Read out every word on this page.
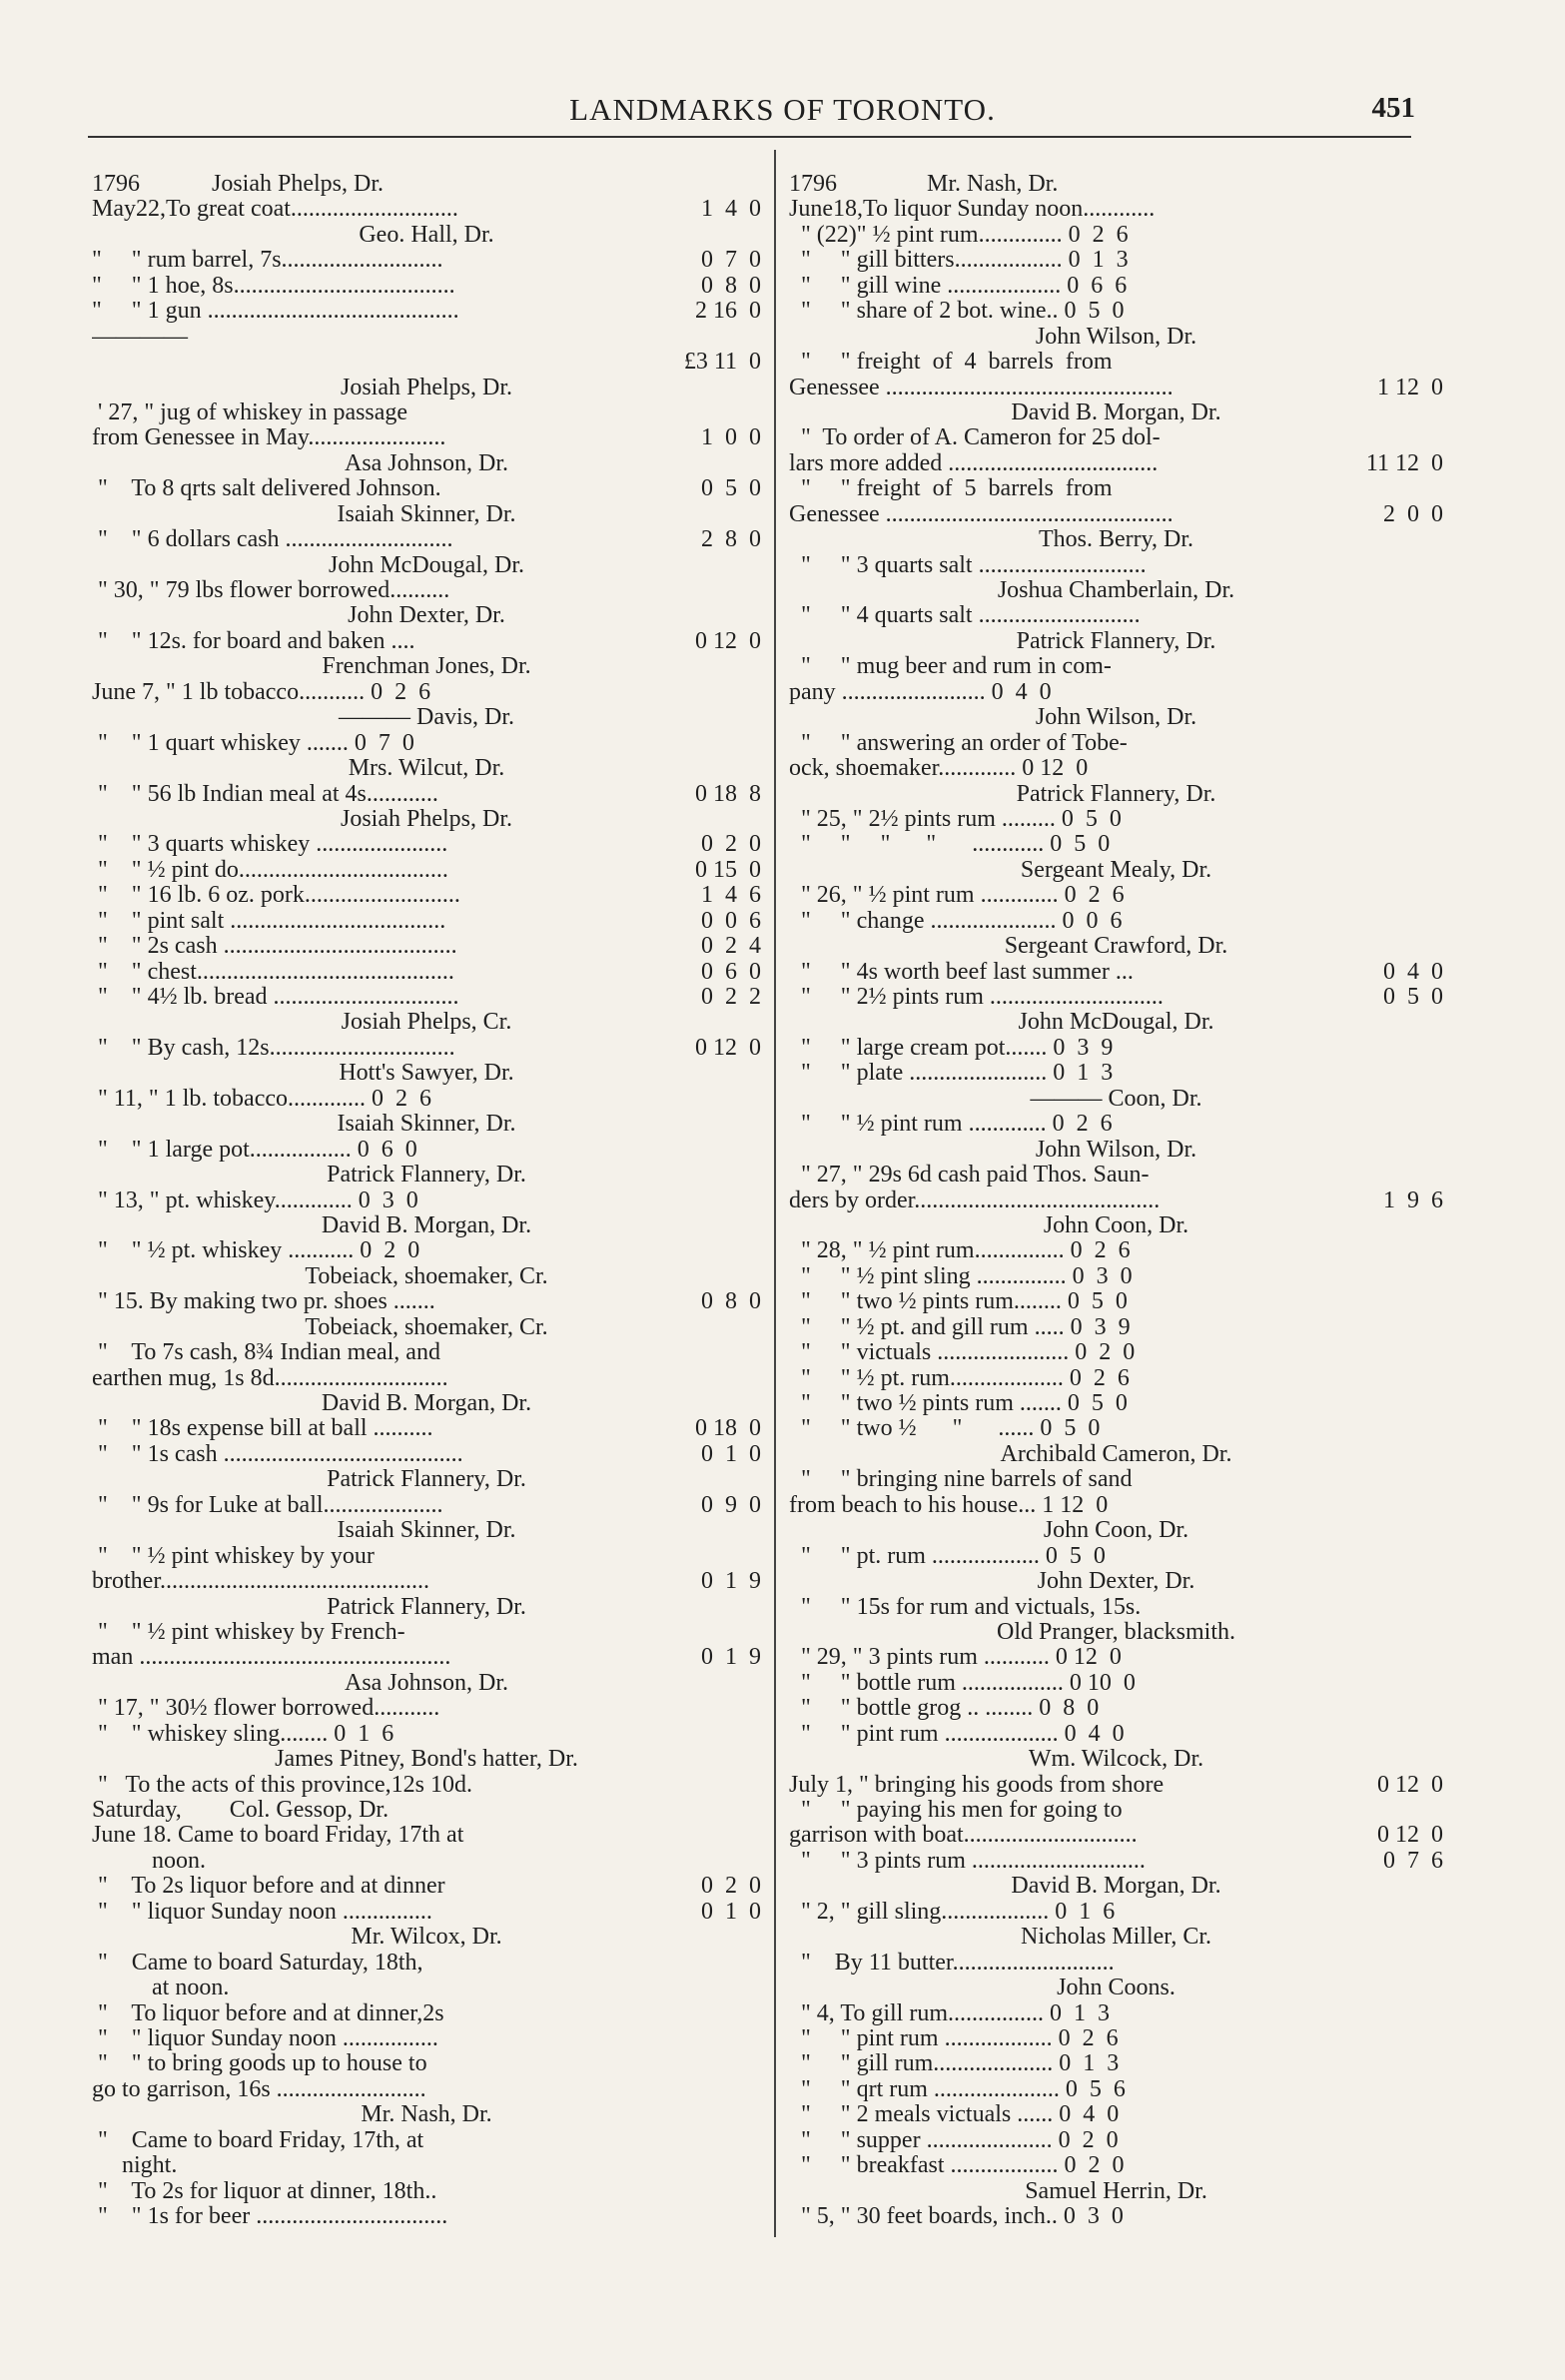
LANDMARKS OF TORONTO.	451
1796            Josiah Phelps, Dr.
May22,To great coat............................	1  4  0
Geo. Hall, Dr.
"     " rum barrel, 7s...........................	0  7  0
"     " 1 hoe, 8s.....................................	0  8  0
"     " 1 gun ..........................................	2 16  0
――――

£3 11  0
Josiah Phelps, Dr.
' 27, " jug of whiskey in passage
from Genessee in May.......................	1  0  0
Asa Johnson, Dr.
"    To 8 qrts salt delivered Johnson.	0  5  0
Isaiah Skinner, Dr.
"    " 6 dollars cash ............................	2  8  0
John McDougal, Dr.
" 30, " 79 lbs flower borrowed..........
John Dexter, Dr.
"    " 12s. for board and baken ....	0 12  0
Frenchman Jones, Dr.
June 7, " 1 lb tobacco........... 0  2  6
——— Davis, Dr.
"    " 1 quart whiskey ....... 0  7  0
Mrs. Wilcut, Dr.
"    " 56 lb Indian meal at 4s............	0 18  8
Josiah Phelps, Dr.
"    " 3 quarts whiskey ......................	0  2  0
"    " ½ pint do...................................	0 15  0
"    " 16 lb. 6 oz. pork..........................	1  4  6
"    " pint salt ....................................	0  0  6
"    " 2s cash .......................................	0  2  4
"    " chest...........................................	0  6  0
"    " 4½ lb. bread ...............................	0  2  2
Josiah Phelps, Cr.
"    " By cash, 12s...............................	0 12  0
Hott's Sawyer, Dr.
" 11, " 1 lb. tobacco............. 0  2  6
Isaiah Skinner, Dr.
"    " 1 large pot................. 0  6  0
Patrick Flannery, Dr.
" 13, " pt. whiskey............. 0  3  0
David B. Morgan, Dr.
"    " ½ pt. whiskey ........... 0  2  0
Tobeiack, shoemaker, Cr.
" 15. By making two pr. shoes .......	0  8  0
Tobeiack, shoemaker, Cr.
"    To 7s cash, 8¾ Indian meal, and
earthen mug, 1s 8d.............................
David B. Morgan, Dr.
"    " 18s expense bill at ball ..........	0 18  0
"    " 1s cash ........................................	0  1  0
Patrick Flannery, Dr.
"    " 9s for Luke at ball....................	0  9  0
Isaiah Skinner, Dr.
"    " ½ pint whiskey by your
brother.............................................	0  1  9
Patrick Flannery, Dr.
"    " ½ pint whiskey by French-
man ....................................................	0  1  9
Asa Johnson, Dr.
" 17, " 30½ flower borrowed...........
"    " whiskey sling........ 0  1  6
James Pitney, Bond's hatter, Dr.
"   To the acts of this province,12s 10d.
Saturday,        Col. Gessop, Dr.
June 18. Came to board Friday, 17th at
noon.
"    To 2s liquor before and at dinner	0  2  0
"    " liquor Sunday noon ...............	0  1  0
Mr. Wilcox, Dr.
"    Came to board Saturday, 18th,
at noon.
"    To liquor before and at dinner,2s
"    " liquor Sunday noon ................
"    " to bring goods up to house to
go to garrison, 16s .........................
Mr. Nash, Dr.
"    Came to board Friday, 17th, at
night.
"    To 2s for liquor at dinner, 18th..
"    " 1s for beer ................................
1796               Mr. Nash, Dr.
June18,To liquor Sunday noon............
" (22)" ½ pint rum.............. 0  2  6
"     " gill bitters.................. 0  1  3
"     " gill wine ................... 0  6  6
"     " share of 2 bot. wine.. 0  5  0
John Wilson, Dr.
"     " freight  of  4  barrels  from
Genessee ................................................	1 12  0
David B. Morgan, Dr.
"  To order of A. Cameron for 25 dol-
lars more added ...................................	11 12  0
"     " freight  of  5  barrels  from
Genessee ................................................	2  0  0
Thos. Berry, Dr.
"     " 3 quarts salt ............................
Joshua Chamberlain, Dr.
"     " 4 quarts salt ...........................
Patrick Flannery, Dr.
"     " mug beer and rum in com-
pany ........................ 0  4  0
John Wilson, Dr.
"     " answering an order of Tobe-
ock, shoemaker............. 0 12  0
Patrick Flannery, Dr.
" 25, " 2½ pints rum ......... 0  5  0
"     "     "      "      ............ 0  5  0
Sergeant Mealy, Dr.
" 26, " ½ pint rum ............. 0  2  6
"     " change ..................... 0  0  6
Sergeant Crawford, Dr.
"     " 4s worth beef last summer ...	0  4  0
"     " 2½ pints rum .............................	0  5  0
John McDougal, Dr.
"     " large cream pot....... 0  3  9
"     " plate ....................... 0  1  3
——— Coon, Dr.
"     " ½ pint rum ............. 0  2  6
John Wilson, Dr.
" 27, " 29s 6d cash paid Thos. Saun-
ders by order.........................................	1  9  6
John Coon, Dr.
" 28, " ½ pint rum............... 0  2  6
"     " ½ pint sling ............... 0  3  0
"     " two ½ pints rum........ 0  5  0
"     " ½ pt. and gill rum ..... 0  3  9
"     " victuals ...................... 0  2  0
"     " ½ pt. rum................... 0  2  6
"     " two ½ pints rum ....... 0  5  0
"     " two ½      "      ...... 0  5  0
Archibald Cameron, Dr.
"     " bringing nine barrels of sand
from beach to his house... 1 12  0
John Coon, Dr.
"     " pt. rum .................. 0  5  0
John Dexter, Dr.
"     " 15s for rum and victuals, 15s.
Old Pranger, blacksmith.
" 29, " 3 pints rum ........... 0 12  0
"     " bottle rum ................. 0 10  0
"     " bottle grog .. ........ 0  8  0
"     " pint rum ................... 0  4  0
Wm. Wilcock, Dr.
July 1, " bringing his goods from shore	0 12  0
"     " paying his men for going to
garrison with boat.............................	0 12  0
"     " 3 pints rum .............................	0  7  6
David B. Morgan, Dr.
" 2, " gill sling.................. 0  1  6
Nicholas Miller, Cr.
"    By 11 butter...........................
John Coons.
" 4, To gill rum................ 0  1  3
"     " pint rum .................. 0  2  6
"     " gill rum.................... 0  1  3
"     " qrt rum ..................... 0  5  6
"     " 2 meals victuals ...... 0  4  0
"     " supper ..................... 0  2  0
"     " breakfast .................. 0  2  0
Samuel Herrin, Dr.
" 5, " 30 feet boards, inch.. 0  3  0
